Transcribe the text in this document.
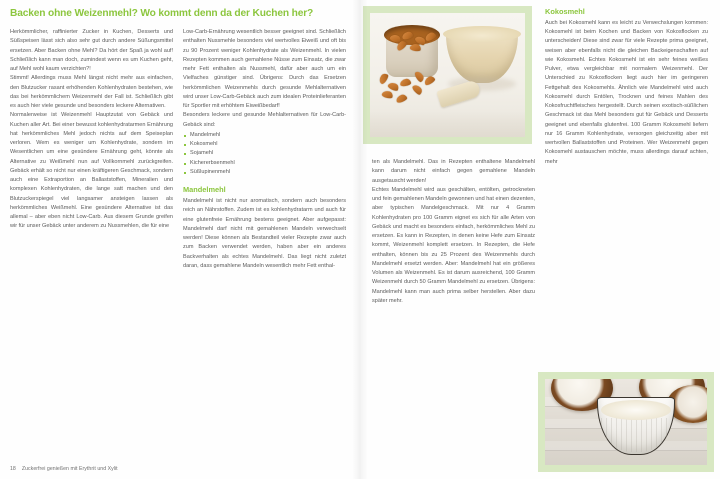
Backen ohne Weizenmehl? Wo kommt denn da der Kuchen her?

Herkömmlicher, raffinierter Zucker in Kuchen, Desserts und Süßspeisen lässt sich also sehr gut durch andere Süßungsmittel ersetzen. Aber Backen ohne Mehl? Da hört der Spaß ja wohl auf! Schließlich kann man doch, zumindest wenn es um Kuchen geht, auf Mehl wohl kaum verzichten?!

Stimmt! Allerdings muss Mehl längst nicht mehr aus einfachen, den Blutzucker rasant erhöhenden Kohlenhydraten bestehen, wie das bei herkömmlichem Weizenmehl der Fall ist. Schließlich gibt es auch hier viele gesunde und besonders leckere Alternativen.

Normalerweise ist Weizenmehl Hauptzutat von Gebäck und Kuchen aller Art. Bei einer bewusst kohlenhydratarmen Ernährung hat herkömmliches Mehl jedoch nichts auf dem Speiseplan verloren. Wem es weniger um Kohlenhydrate, sondern im Wesentlichen um eine gesündere Ernährung geht, könnte als Alternative zu Weißmehl nun auf Vollkornmehl zurückgreifen. Gebäck erhält so nicht nur einen kräftigeren Geschmack, sondern auch eine Extraportion an Ballaststoffen, Mineralien und komplexen Kohlenhydraten, die lange satt machen und den Blutzuckerspiegel viel langsamer ansteigen lassen als herkömmliches Weißmehl. Eine gesündere Alternative ist das allemal – aber eben nicht Low-Carb. Aus diesem Grunde greifen wir für unser Gebäck unter anderem zu Nussmehlen, die für eine

Low-Carb-Ernährung wesentlich besser geeignet sind. Schließlich enthalten Nussmehle besonders viel wertvolles Eiweiß und oft bis zu 90 Prozent weniger Kohlenhydrate als Weizenmehl. In vielen Rezepten kommen auch gemahlene Nüsse zum Einsatz, die zwar mehr Fett enthalten als Nussmehl, dafür aber auch um ein Vielfaches günstiger sind. Übrigens: Durch das Ersetzen herkömmlichen Weizenmehls durch gesunde Mehlalternativen wird unser Low-Carb-Gebäck auch zum idealen Proteinlieferanten für Sportler mit erhöhtem Eiweißbedarf!

Besonders leckere und gesunde Mehlalternativen für Low-Carb-Gebäck sind:

Mandelmehl
Kokosmehl
Sojamehl
Kichererbsenmehl
Süßlupinenmehl
Mandelmehl

Mandelmehl ist nicht nur aromatisch, sondern auch besonders reich an Nährstoffen. Zudem ist es kohlenhydratarm und auch für eine glutenfreie Ernährung bestens geeignet. Aber aufgepasst: Mandelmehl darf nicht mit gemahlenen Mandeln verwechselt werden! Diese können als Bestandteil vieler Rezepte zwar auch zum Backen verwendet werden, haben aber ein anderes Backverhalten als echtes Mandelmehl. Das liegt nicht zuletzt daran, dass gemahlene Mandeln wesentlich mehr Fett enthal-

18 Zuckerfrei genießen mit Erythrit und Xylit

ten als Mandelmehl. Das in Rezepten enthaltene Mandelmehl kann darum nicht einfach gegen gemahlene Mandeln ausgetauscht werden!

Echtes Mandelmehl wird aus geschälten, entölten, getrockneten und fein gemahlenen Mandeln gewonnen und hat einen dezenten, aber typischen Mandelgeschmack. Mit nur 4 Gramm Kohlenhydraten pro 100 Gramm eignet es sich für alle Arten von Gebäck und macht es besonders einfach, herkömmliches Mehl zu ersetzen. Es kann in Rezepten, in denen keine Hefe zum Einsatz kommt, Weizenmehl komplett ersetzen. In Rezepten, die Hefe enthalten, können bis zu 25 Prozent des Weizenmehls durch Mandelmehl ersetzt werden. Aber: Mandelmehl hat ein größeres Volumen als Weizenmehl. Es ist darum ausreichend, 100 Gramm Weizenmehl durch 50 Gramm Mandelmehl zu ersetzen. Übrigens: Mandelmehl kann man auch prima selber herstellen. Aber dazu später mehr.

Kokosmehl

Auch bei Kokosmehl kann es leicht zu Verwechslungen kommen: Kokosmehl ist beim Kochen und Backen von Kokosflocken zu unterscheiden! Diese sind zwar für viele Rezepte prima geeignet, weisen aber ebenfalls nicht die gleichen Backeigenschaften auf wie Kokosmehl. Echtes Kokosmehl ist ein sehr feines weißes Pulver, etwa vergleichbar mit normalem Weizenmehl. Der Unterschied zu Kokosflocken liegt auch hier im geringeren Fettgehalt des Kokosmehls. Ähnlich wie Mandelmehl wird auch Kokosmehl durch Entölen, Trocknen und feines Mahlen des Kokosfruchtfleisches hergestellt. Durch seinen exotisch-süßlichen Geschmack ist das Mehl besonders gut für Gebäck und Desserts geeignet und ebenfalls glutenfrei. 100 Gramm Kokosmehl liefern nur 16 Gramm Kohlenhydrate, versorgen gleichzeitig aber mit wertvollen Ballaststoffen und Proteinen. Wer Weizenmehl gegen Kokosmehl austauschen möchte, muss allerdings darauf achten, mehr
